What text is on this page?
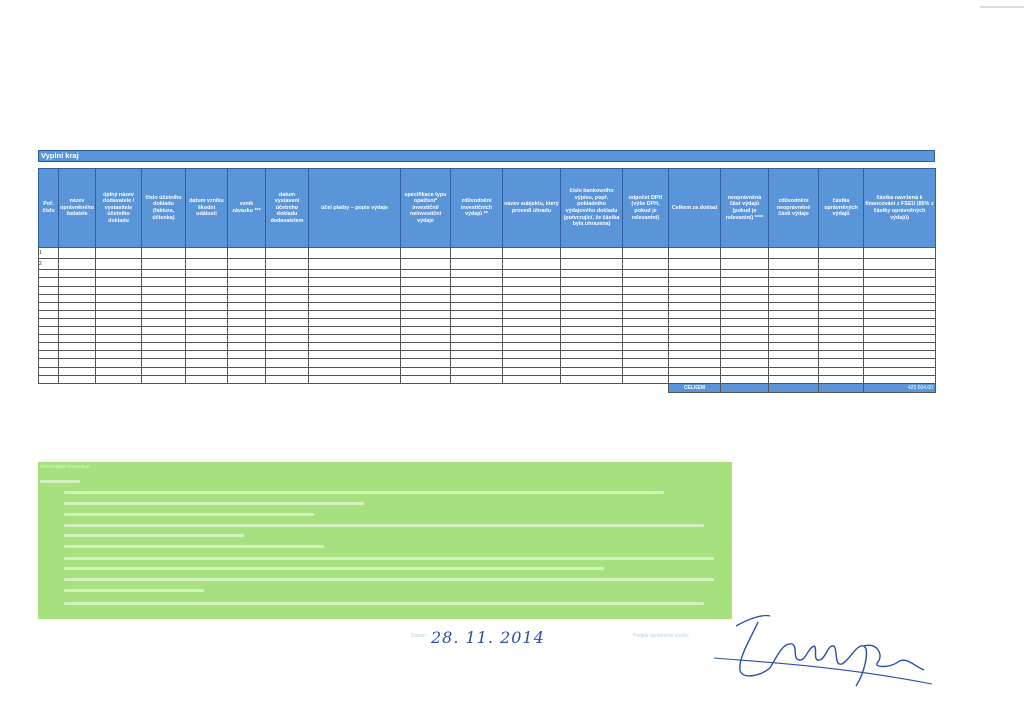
Vyplní kraj
Poř. číslo	název oprávněného žadatele	úplný název dodavatele / vystavitele účetního dokladu	číslo účetního dokladu (faktura, účtenka)	datum vzniku škodní události	vznik závazku ***	datum vystavení účetního dokladu dodavatelem	účel platby – popis výdaje	specifikace typu opatření* investiční/ neinvestiční výdaje	zdůvodnění investičních výdajů **	název subjektu, který provedl úhradu	číslo bankovního výpisu, popř. pokladního výdajového dokladu (potvrzující, že částka byla uhrazena)	odpočet DPH (výše DPH, pokud je relevantní)	Celkem za doklad	neoprávněná část výdajů (pokud je relevantní) ****	zdůvodnění neoprávněné části výdaje	částka oprávněných výdajů	částka navržená k financování z FSEU (85% z částky oprávněných výdajů)
1																	
2																	

													CELKEM				425 604,00
POTVRZENÍ ŽADATELE
Datum: 28. 11. 2014	Podpis oprávněné osoby:
·····
